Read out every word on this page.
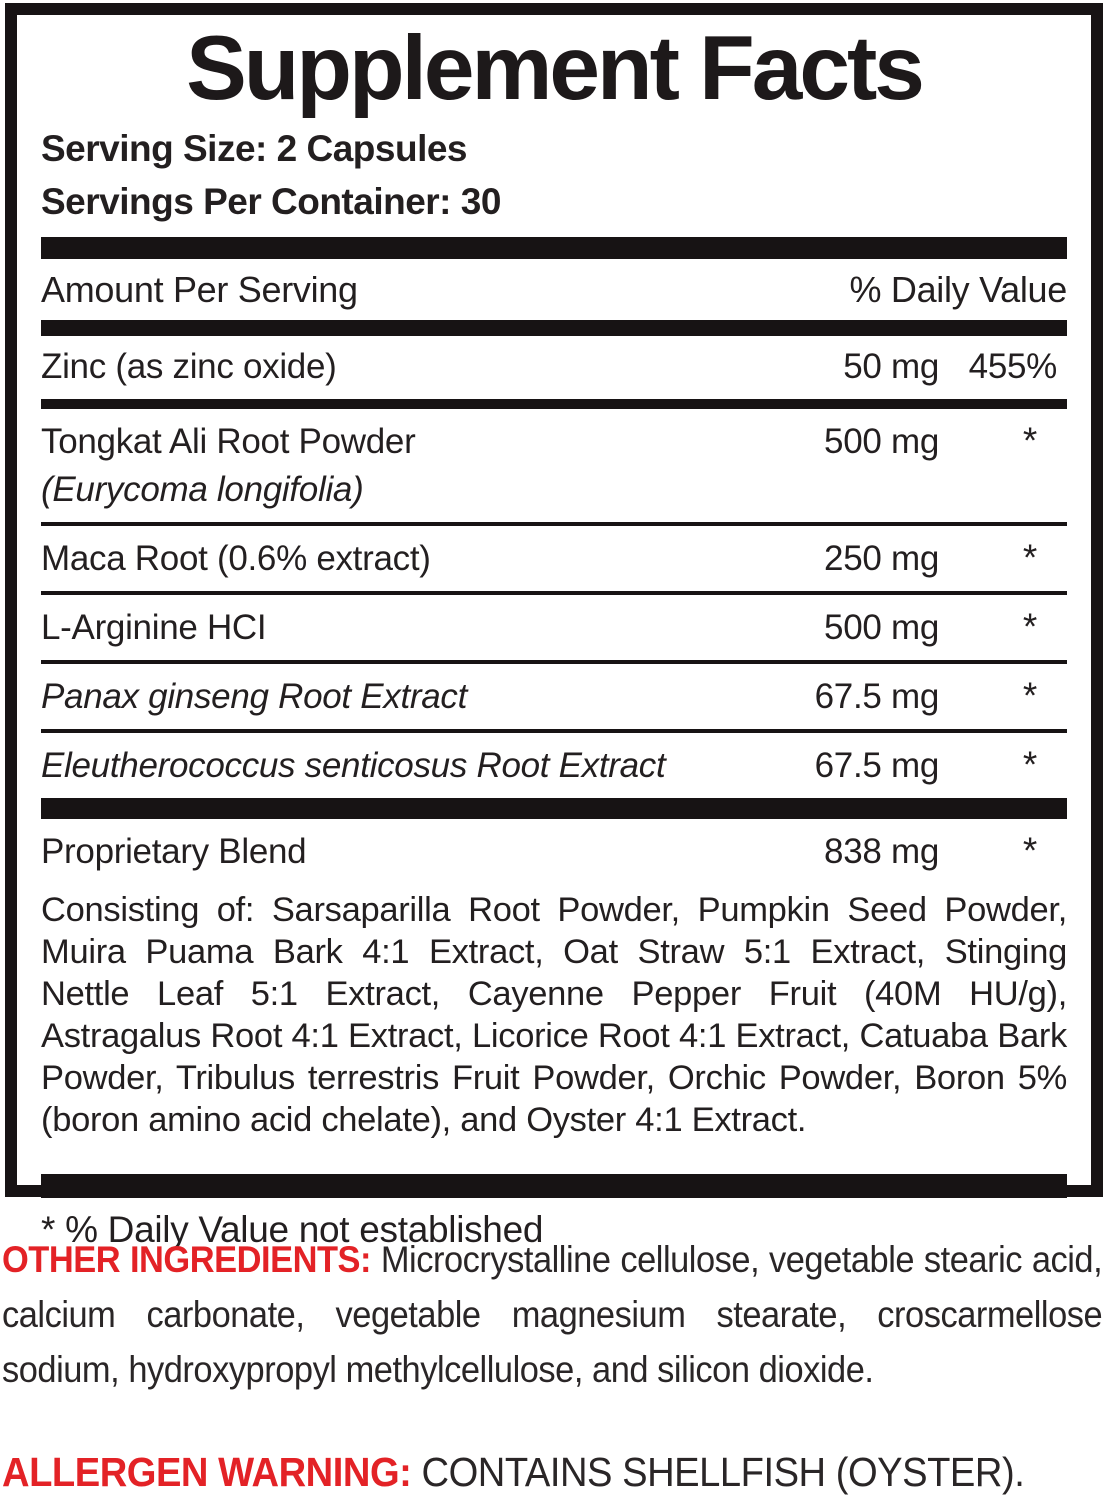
Supplement Facts
Serving Size: 2 Capsules
Servings Per Container: 30
Amount Per Serving	% Daily Value
Zinc (as zinc oxide)	50 mg 455%
Tongkat Ali Root Powder
(Eurycoma longifolia)
500 mg	*
Maca Root (0.6% extract)	250 mg	*
L-Arginine HCI	500 mg	*
Panax ginseng Root Extract	67.5 mg	*
Eleutherococcus senticosus Root Extract	67.5 mg	*
Proprietary Blend	838 mg	*

Consisting of: Sarsaparilla Root Powder, Pumpkin Seed Powder, Muira Puama Bark 4:1 Extract, Oat Straw 5:1 Extract, Stinging Nettle Leaf 5:1 Extract, Cayenne Pepper Fruit (40M HU/g), Astragalus Root 4:1 Extract, Licorice Root 4:1 Extract, Catuaba Bark Powder, Tribulus terrestris Fruit Powder, Orchic Powder, Boron 5% (boron amino acid chelate), and Oyster 4:1 Extract.

* % Daily Value not established

OTHER INGREDIENTS: Microcrystalline cellulose, vegetable stearic acid, calcium carbonate, vegetable magnesium stearate, croscarmellose sodium, hydroxypropyl methylcellulose, and silicon dioxide.

ALLERGEN WARNING: CONTAINS SHELLFISH (OYSTER).
